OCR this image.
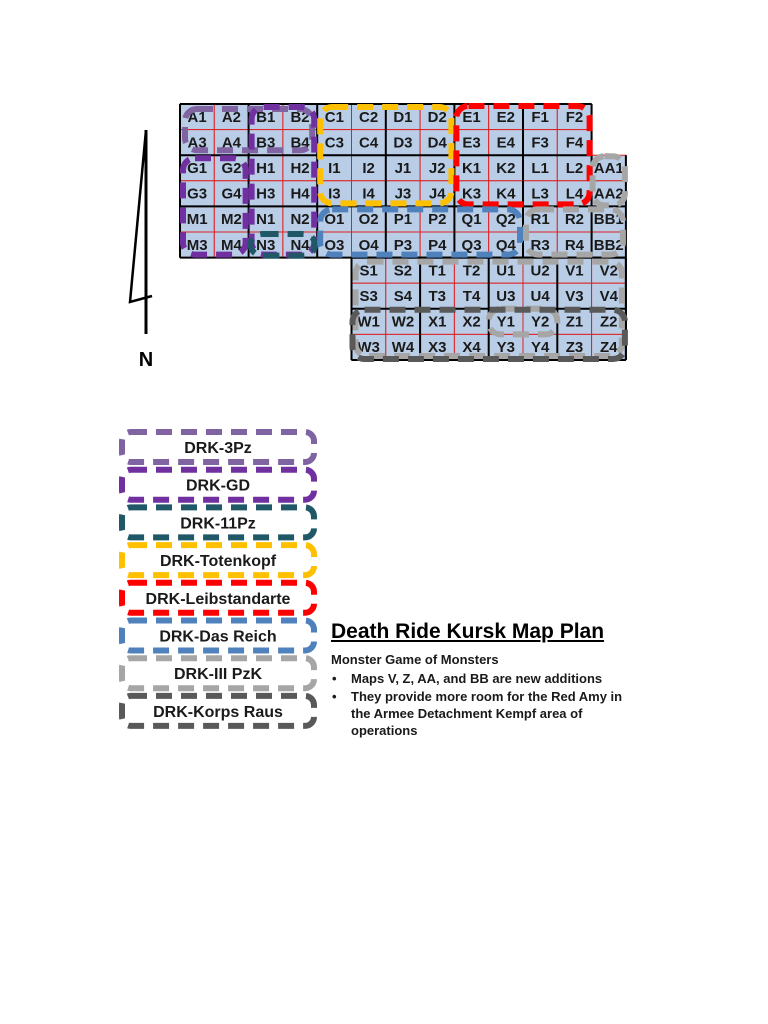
A1 A2 B1 B2 C1 C2 D1 D2 E1 E2 F1 F2
A3 A4 B3 B4 C3 C4 D3 D4 E3 E4 F3 F4
G1 G2 H1 H2 I1 I2 J1 J2 K1 K2 L1 L2 AA1
G3 G4 H3 H4 I3 I4 J3 J4 K3 K4 L3 L4 AA2
M1 M2 N1 N2 O1 O2 P1 P2 Q1 Q2 R1 R2 BB1
M3 M4 N3 N4 O3 O4 P3 P4 Q3 Q4 R3 R4 BB2
S1 S2 T1 T2 U1 U2 V1 V2
S3 S4 T3 T4 U3 U4 V3 V4
W1 W2 X1 X2 Y1 Y2 Z1 Z2
W3 W4 X3 X4 Y3 Y4 Z3 Z4
N
DRK-3Pz
DRK-GD
DRK-11Pz
DRK-Totenkopf
DRK-Leibstandarte
DRK-Das Reich
DRK-III PzK
DRK-Korps Raus
Death Ride Kursk Map Plan

Monster Game of Monsters

• Maps V, Z, AA, and BB are new additions
• They provide more room for the Red Amy in the Armee Detachment Kempf area of operations
